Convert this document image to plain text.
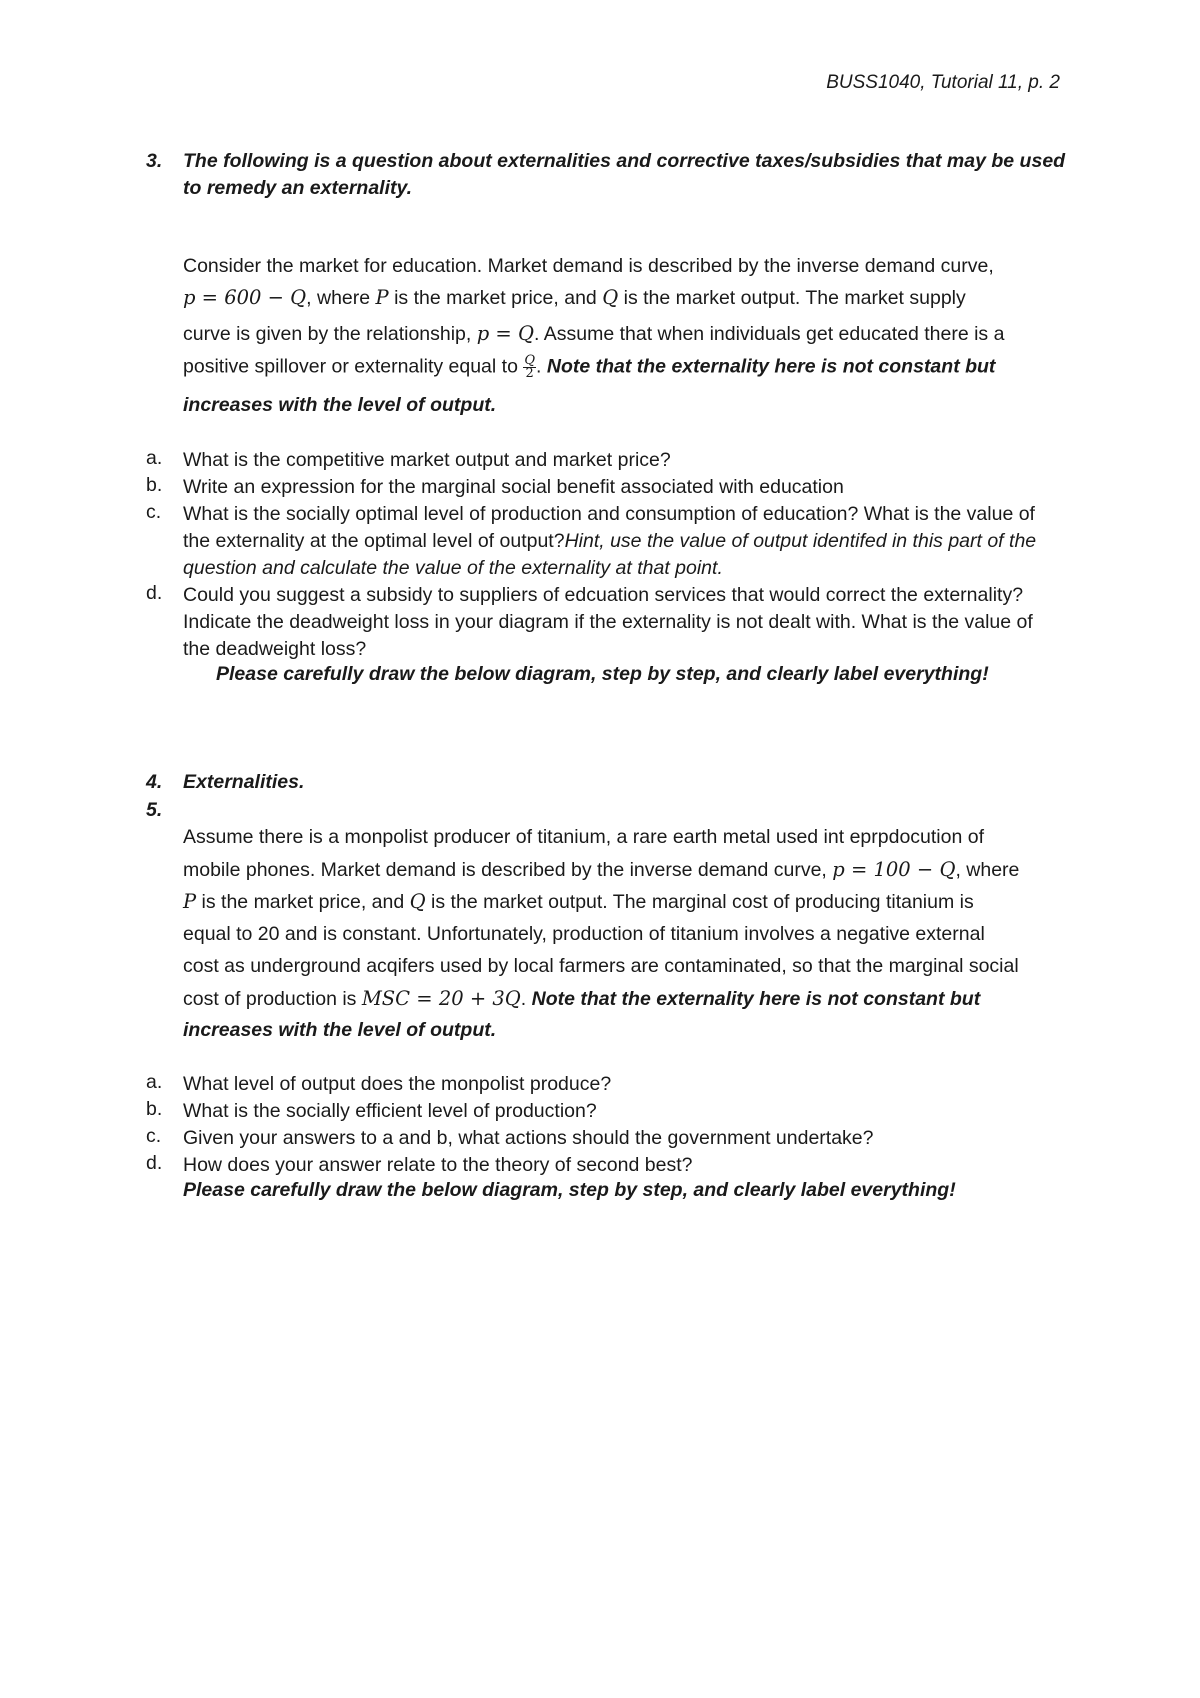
BUSS1040, Tutorial 11, p. 2
3. The following is a question about externalities and corrective taxes/subsidies that may be used
to remedy an externality.
Consider the market for education. Market demand is described by the inverse demand curve,
p = 600 − Q, where P is the market price, and Q is the market output. The market supply
curve is given by the relationship, p = Q. Assume that when individuals get educated there is a
positive spillover or externality equal to $\frac{Q}{2}$ . Note that the externality here is not constant but
increases with the level of output.
a. What is the competitive market output and market price?
b. Write an expression for the marginal social benefit associated with education
c. What is the socially optimal level of production and consumption of education? What is the value of the externality at the optimal level of output?Hint, use the value of output identifed in this part of the question and calculate the value of the externality at that point.
d. Could you suggest a subsidy to suppliers of edcuation services that would correct the externality? Indicate the deadweight loss in your diagram if the externality is not dealt with. What is the value of the deadweight loss?
Please carefully draw the below diagram, step by step, and clearly label everything!
4. Externalities.
5.
Assume there is a monpolist producer of titanium, a rare earth metal used int eprpdocution of
mobile phones. Market demand is described by the inverse demand curve, p = 100 − Q, where
P is the market price, and Q is the market output. The marginal cost of producing titanium is
equal to 20 and is constant. Unfortunately, production of titanium involves a negative external
cost as underground acqifers used by local farmers are contaminated, so that the marginal social
cost of production is MSC = 20 + 3Q. Note that the externality here is not constant but
increases with the level of output.
a. What level of output does the monpolist produce?
b. What is the socially efficient level of production?
c. Given your answers to a and b, what actions should the government undertake?
d. How does your answer relate to the theory of second best?
Please carefully draw the below diagram, step by step, and clearly label everything!
